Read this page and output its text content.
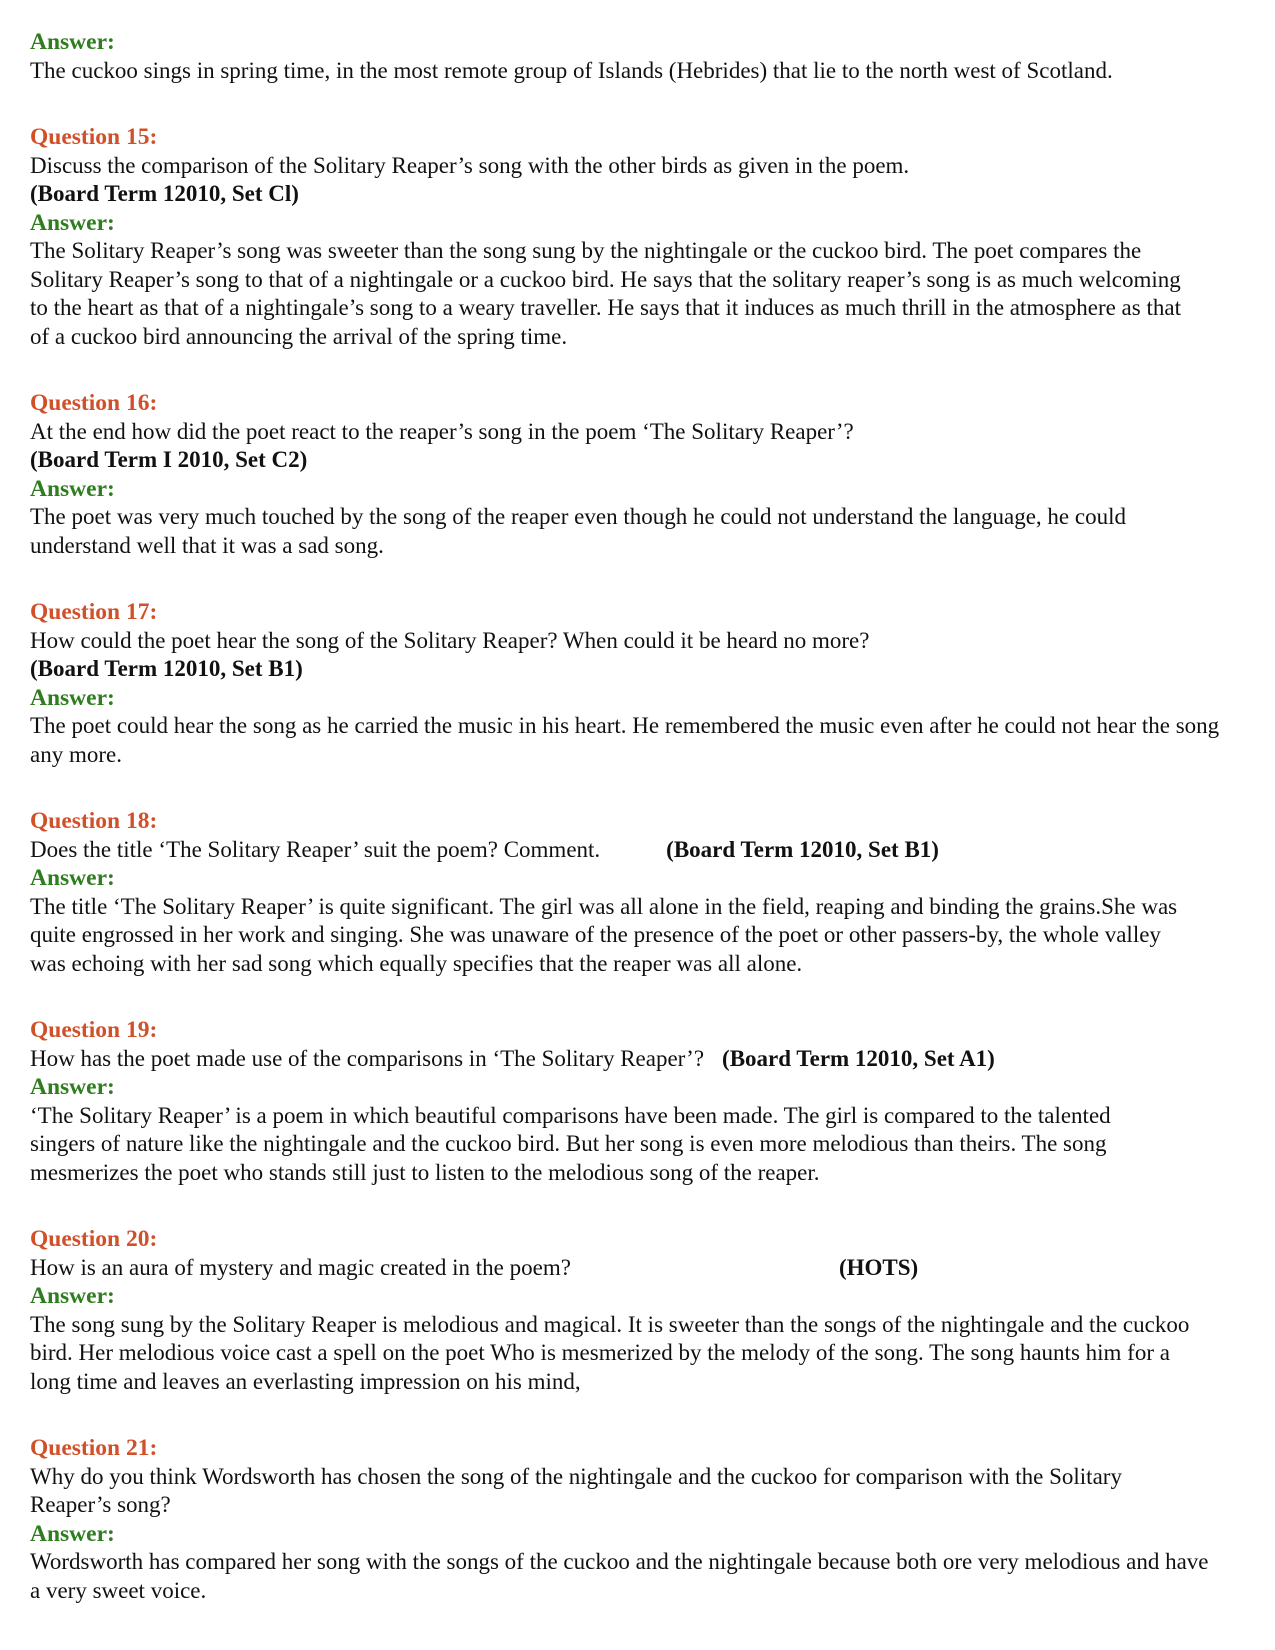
Answer:
The cuckoo sings in spring time, in the most remote group of Islands (Hebrides) that lie to the north west of Scotland.
Question 15:
Discuss the comparison of the Solitary Reaper’s song with the other birds as given in the poem.
(Board Term 12010, Set Cl)
Answer:
The Solitary Reaper’s song was sweeter than the song sung by the nightingale or the cuckoo bird. The poet compares the Solitary Reaper’s song to that of a nightingale or a cuckoo bird. He says that the solitary reaper’s song is as much welcoming to the heart as that of a nightingale’s song to a weary traveller. He says that it induces as much thrill in the atmosphere as that of a cuckoo bird announcing the arrival of the spring time.
Question 16:
At the end how did the poet react to the reaper’s song in the poem ‘The Solitary Reaper’?
(Board Term I 2010, Set C2)
Answer:
The poet was very much touched by the song of the reaper even though he could not understand the language, he could understand well that it was a sad song.
Question 17:
How could the poet hear the song of the Solitary Reaper? When could it be heard no more?
(Board Term 12010, Set B1)
Answer:
The poet could hear the song as he carried the music in his heart. He remembered the music even after he could not hear the song any more.
Question 18:
Does the title ‘The Solitary Reaper’ suit the poem? Comment.	(Board Term 12010, Set B1)
Answer:
The title ‘The Solitary Reaper’ is quite significant. The girl was all alone in the field, reaping and binding the grains.She was quite engrossed in her work and singing. She was unaware of the presence of the poet or other passers-by, the whole valley was echoing with her sad song which equally specifies that the reaper was all alone.
Question 19:
How has the poet made use of the comparisons in ‘The Solitary Reaper’? (Board Term 12010, Set A1)
Answer:
‘The Solitary Reaper’ is a poem in which beautiful comparisons have been made. The girl is compared to the talented singers of nature like the nightingale and the cuckoo bird. But her song is even more melodious than theirs. The song mesmerizes the poet who stands still just to listen to the melodious song of the reaper.
Question 20:
How is an aura of mystery and magic created in the poem?	(HOTS)
Answer:
The song sung by the Solitary Reaper is melodious and magical. It is sweeter than the songs of the nightingale and the cuckoo bird. Her melodious voice cast a spell on the poet Who is mesmerized by the melody of the song. The song haunts him for a long time and leaves an everlasting impression on his mind,
Question 21:
Why do you think Wordsworth has chosen the song of the nightingale and the cuckoo for comparison with the Solitary Reaper’s song?
Answer:
Wordsworth has compared her song with the songs of the cuckoo and the nightingale because both ore very melodious and have a very sweet voice.
